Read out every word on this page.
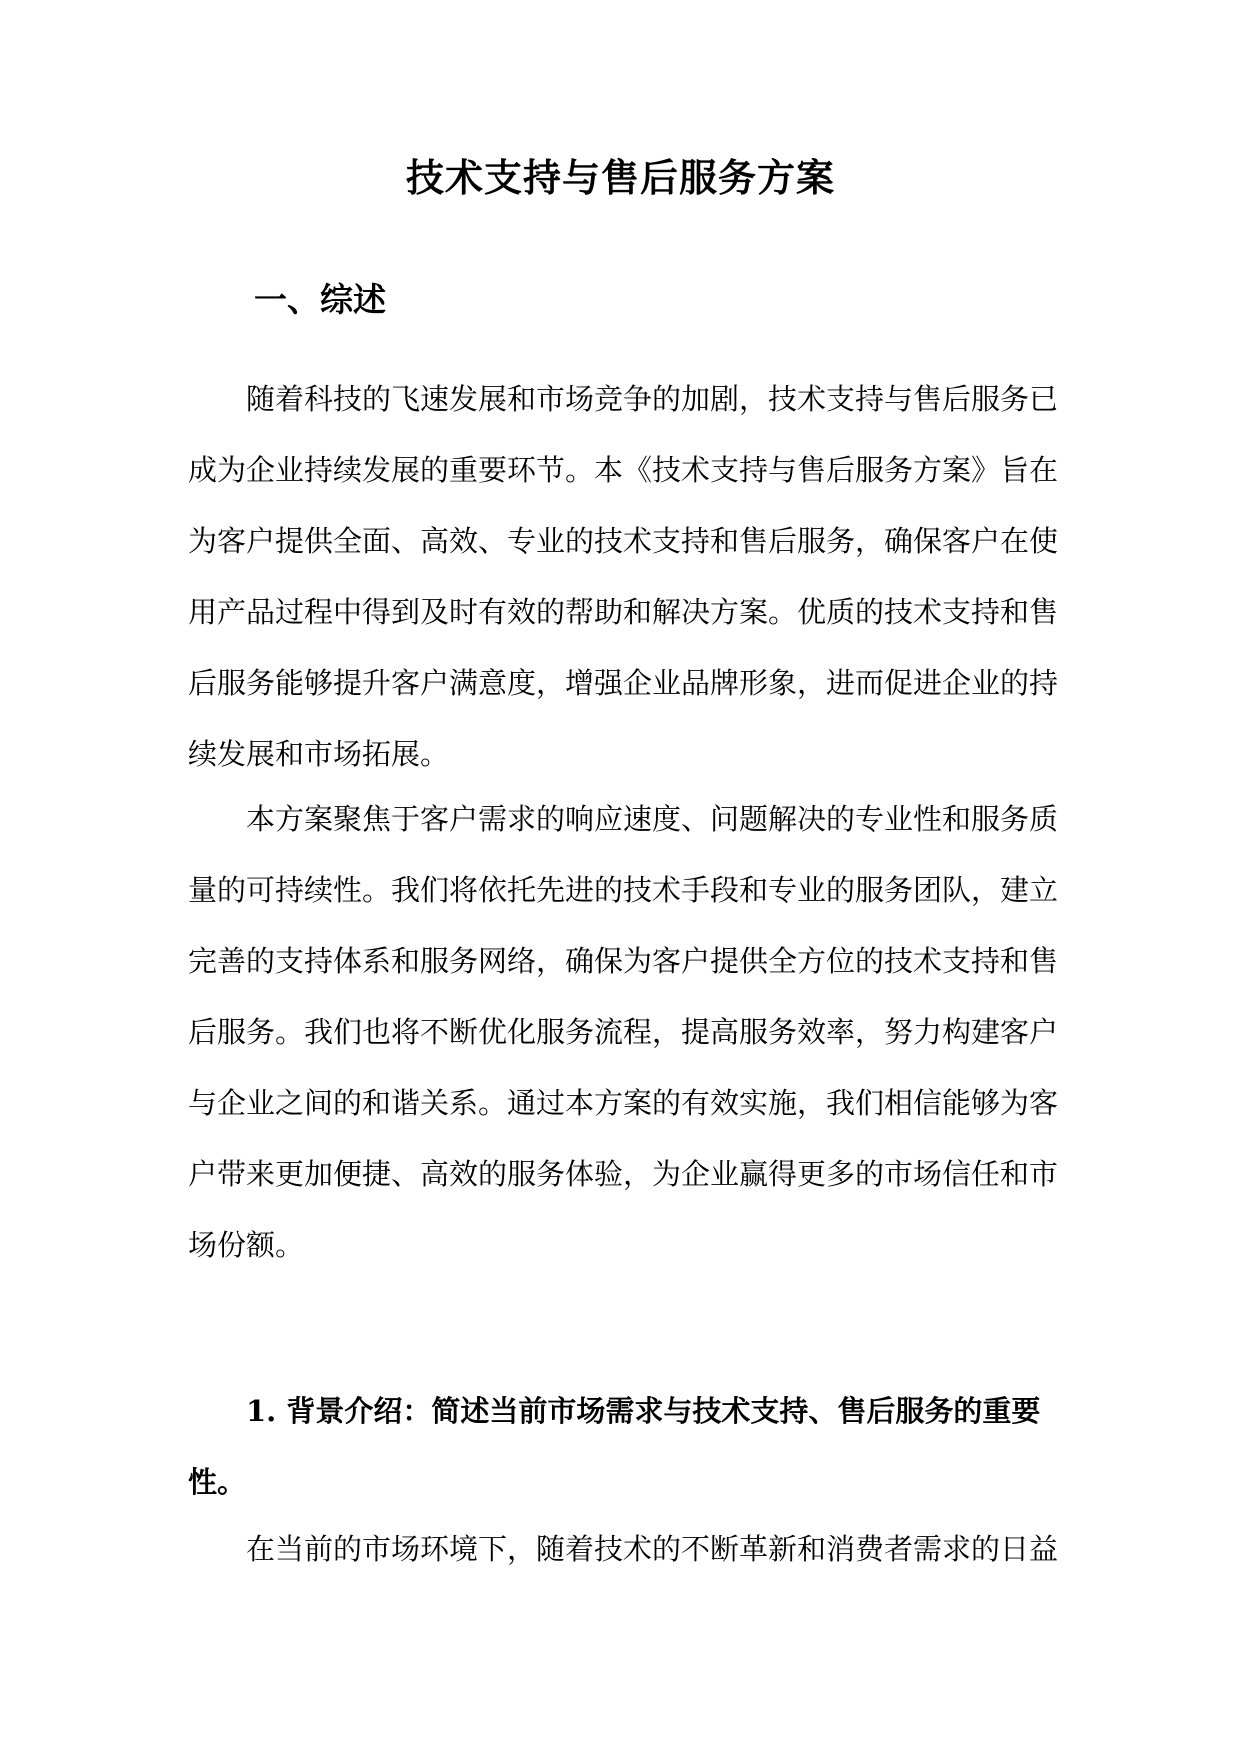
技术支持与售后服务方案
一、综述

随着科技的飞速发展和市场竞争的加剧，技术支持与售后服务已成为企业持续发展的重要环节。本《技术支持与售后服务方案》旨在为客户提供全面、高效、专业的技术支持和售后服务，确保客户在使用产品过程中得到及时有效的帮助和解决方案。优质的技术支持和售后服务能够提升客户满意度，增强企业品牌形象，进而促进企业的持续发展和市场拓展。

本方案聚焦于客户需求的响应速度、问题解决的专业性和服务质量的可持续性。我们将依托先进的技术手段和专业的服务团队，建立完善的支持体系和服务网络，确保为客户提供全方位的技术支持和售后服务。我们也将不断优化服务流程，提高服务效率，努力构建客户与企业之间的和谐关系。通过本方案的有效实施，我们相信能够为客户带来更加便捷、高效的服务体验，为企业赢得更多的市场信任和市场份额。

1. 背景介绍：简述当前市场需求与技术支持、售后服务的重要性。

在当前的市场环境下，随着技术的不断革新和消费者需求的日益
